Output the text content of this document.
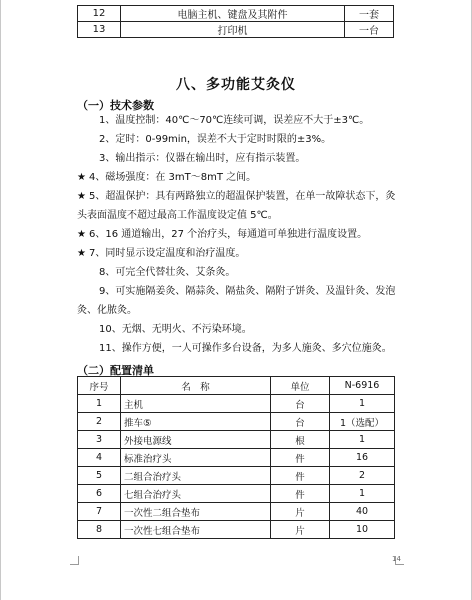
12	电脑主机、键盘及其附件	一套
13	打印机	一台
八、多功能艾灸仪
（一）技术参数
1、温度控制：40℃～70℃连续可调，误差应不大于±3℃。
2、定时：0-99min，误差不大于定时时限的±3%。
3、输出指示：仪器在输出时，应有指示装置。
★ 4、磁场强度：在 3mT～8mT 之间。
★ 5、超温保护：具有两路独立的超温保护装置，在单一故障状态下，灸头表面温度不超过最高工作温度设定值 5℃。
★ 6、16 通道输出，27 个治疗头，每通道可单独进行温度设置。
★ 7、同时显示设定温度和治疗温度。
8、可完全代替壮灸、艾条灸。
9、可实施隔姜灸、隔蒜灸、隔盐灸、隔附子饼灸、及温针灸、发泡灸、化脓灸。
10、无烟、无明火、不污染环境。
11、操作方便，一人可操作多台设备，为多人施灸、多穴位施灸。
（二）配置清单
序号	名　称	单位	N-6916
1	主机	台	1
2	推车⑤	台	1（选配）
3	外接电源线	根	1
4	标准治疗头	件	16
5	二组合治疗头	件	2
6	七组合治疗头	件	1
7	一次性二组合垫布	片	40
8	一次性七组合垫布	片	10
14
